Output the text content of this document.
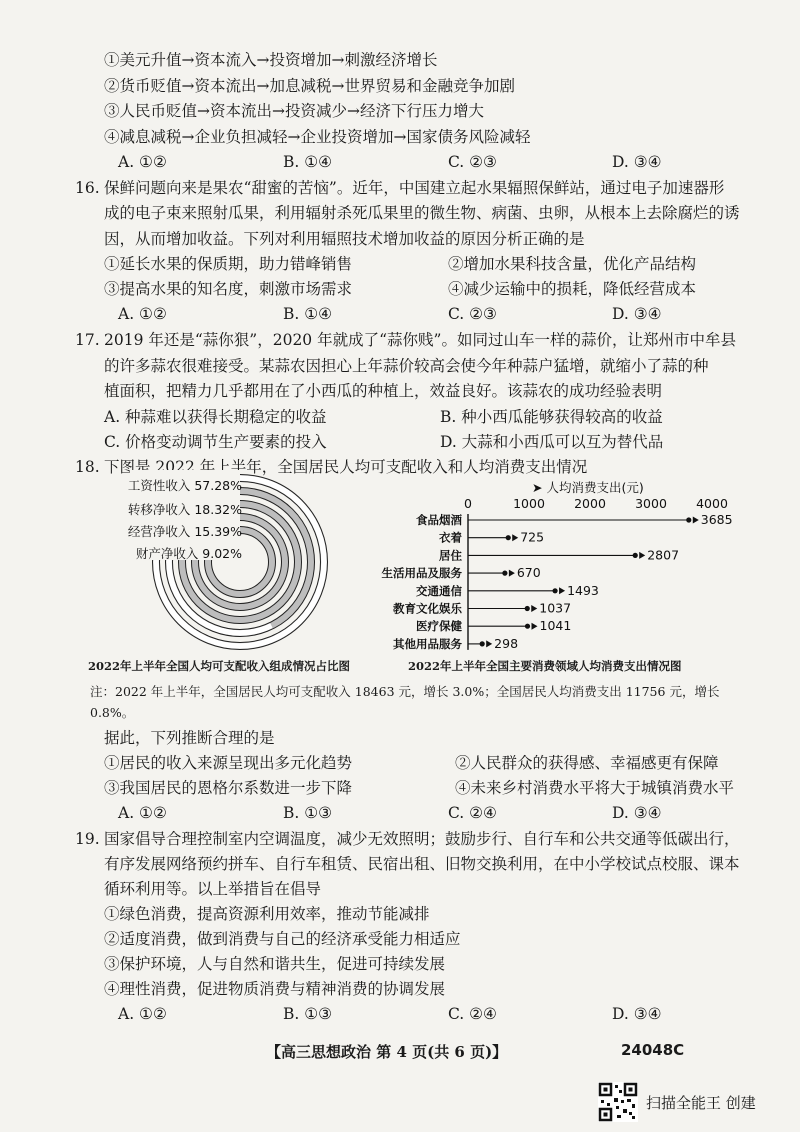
①美元升值→资本流入→投资增加→刺激经济增长
②货币贬值→资本流出→加息减税→世界贸易和金融竞争加剧
③人民币贬值→资本流出→投资减少→经济下行压力增大
④减息减税→企业负担减轻→企业投资增加→国家债务风险减轻
A. ①②	B. ①④	C. ②③	D. ③④
16. 保鲜问题向来是果农“甜蜜的苦恼”。近年，中国建立起水果辐照保鲜站，通过电子加速器形
成的电子束来照射瓜果，利用辐射杀死瓜果里的微生物、病菌、虫卵，从根本上去除腐烂的诱
因，从而增加收益。下列对利用辐照技术增加收益的原因分析正确的是
①延长水果的保质期，助力错峰销售	②增加水果科技含量，优化产品结构
③提高水果的知名度，刺激市场需求	④减少运输中的损耗，降低经营成本
A. ①②	B. ①④	C. ②③	D. ③④
17. 2019 年还是“蒜你狠”，2020 年就成了“蒜你贱”。如同过山车一样的蒜价，让郑州市中牟县
的许多蒜农很难接受。某蒜农因担心上年蒜价较高会使今年种蒜户猛增，就缩小了蒜的种
植面积，把精力几乎都用在了小西瓜的种植上，效益良好。该蒜农的成功经验表明
A. 种蒜难以获得长期稳定的收益	B. 种小西瓜能够获得较高的收益
C. 价格变动调节生产要素的投入	D. 大蒜和小西瓜可以互为替代品
18. 下图是 2022 年上半年，全国居民人均可支配收入和人均消费支出情况
工资性收入 57.28%
转移净收入 18.32%
经营净收入 15.39%
财产净收入 9.02%
➤ 人均消费支出(元)
0	1000 2000 3000 4000
食品烟酒	3685
衣着	725
居住	2807
生活用品及服务	670
交通通信	1493
教育文化娱乐	1037
医疗保健	1041
其他用品服务	298
2022年上半年全国人均可支配收入组成情况占比图	2022年上半年全国主要消费领域人均消费支出情况图
注：2022 年上半年，全国居民人均可支配收入 18463 元，增长 3.0%；全国居民人均消费支出 11756 元，增长
0.8%。
据此，下列推断合理的是
①居民的收入来源呈现出多元化趋势	②人民群众的获得感、幸福感更有保障
③我国居民的恩格尔系数进一步下降	④未来乡村消费水平将大于城镇消费水平
A. ①②	B. ①③	C. ②④	D. ③④
19. 国家倡导合理控制室内空调温度，减少无效照明；鼓励步行、自行车和公共交通等低碳出行，
有序发展网络预约拼车、自行车租赁、民宿出租、旧物交换利用，在中小学校试点校服、课本
循环利用等。以上举措旨在倡导
①绿色消费，提高资源利用效率，推动节能减排
②适度消费，做到消费与自己的经济承受能力相适应
③保护环境，人与自然和谐共生，促进可持续发展
④理性消费，促进物质消费与精神消费的协调发展
A. ①②	B. ①③	C. ②④	D. ③④
【高三思想政治 第 4 页(共 6 页)】	24048C
扫描全能王 创建
